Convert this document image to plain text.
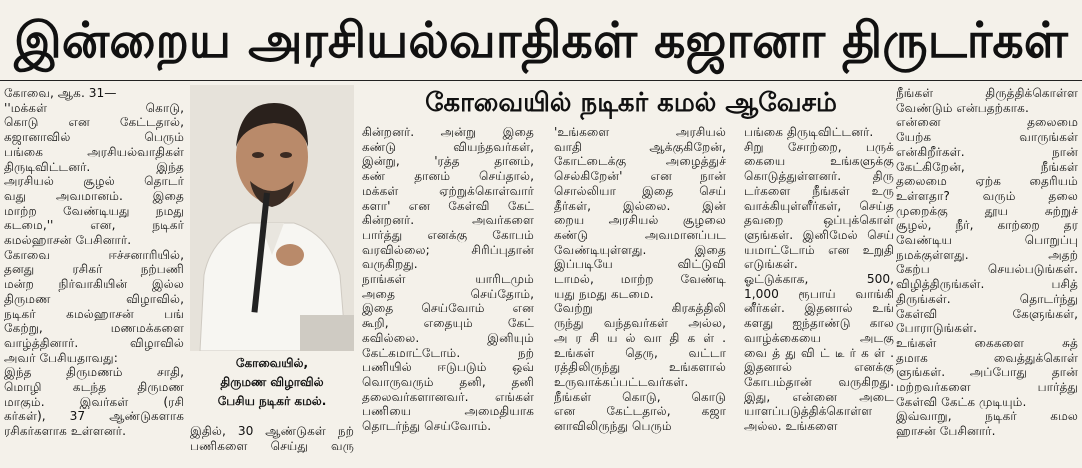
இன்றைய அரசியல்வாதிகள் கஜானா திருடர்கள்
கோவையில் நடிகர் கமல் ஆவேசம்
கோவை, ஆக. 31—
''மக்கள் கொடு,
கொடு என கேட்டதால்,
கஜானாவில் பெரும்
பங்கை அரசியல்வாதிகள்
திருடிவிட்டனர். இந்த
அரசியல் சூழல் தொடர்
வது அவமானம். இதை
மாற்ற வேண்டியது நமது
கடமை,'' என, நடிகர்
கமல்ஹாசன் பேசினார்.
கோவை ஈச்சனாரியில்,
தனது ரசிகர் நற்பணி
மன்ற நிர்வாகியின் இல்ல
திருமண விழாவில்,
நடிகர் கமல்ஹாசன் பங்
கேற்று, மணமக்களை
வாழ்த்தினார். விழாவில்
அவர் பேசியதாவது:
இந்த திருமணம் சாதி,
மொழி கடந்த திருமண
மாகும். இவர்கள் (ரசி
கர்கள்), 37 ஆண்டுகளாக
ரசிகர்களாக உள்ளனர்.
கோவையில்,
திருமண விழாவில்
பேசிய நடிகர் கமல்.
இதில், 30 ஆண்டுகள் நற்
பணிகளை செய்து வரு
கின்றனர். அன்று இதை
கண்டு வியந்தவர்கள்,
இன்று, 'ரத்த தானம்,
கண் தானம் செய்தால்,
மக்கள் ஏற்றுக்கொள்வார்
களா' என கேள்வி கேட்
கின்றனர். அவர்களை
பார்த்து எனக்கு கோபம்
வரவில்லை; சிரிப்புதான்
வருகிறது.
நாங்கள் யாரிடமும்
அதை செய்தோம்,
இதை செய்வோம் என
கூறி, எதையும் கேட்
கவில்லை. இனியும்
கேட்கமாட்டோம். நற்
பணியில் ஈடுபடும் ஒவ்
வொருவரும் தனி, தனி
தலைவர்களானவர். எங்கள்
பணியை அமைதியாக
தொடர்ந்து செய்வோம்.
'உங்களை அரசியல்
வாதி ஆக்குகிறேன்,
கோட்டைக்கு அழைத்துச்
செல்கிறேன்' என நான்
சொல்லியா இதை செய்
தீர்கள், இல்லை. இன்
றைய அரசியல் சூழலை
கண்டு அவமானப்பட
வேண்டியுள்ளது. இதை
இப்படியே விட்டுவி
டாமல், மாற்ற வேண்டி
யது நமது கடமை.
வேற்று கிரகத்திலி
ருந்து வந்தவர்கள் அல்ல,
அ ர சி ய ல் வா தி க ள் .
உங்கள் தெரு, வட்டா
ரத்திலிருந்து உங்களால்
உருவாக்கப்பட்டவர்கள்.
நீங்கள் கொடு, கொடு
என கேட்டதால், கஜா
னாவிலிருந்து பெரும்
பங்கை திருடிவிட்டனர்.
சிறு சோற்றை, பருக்
கையை உங்களுக்கு
கொடுத்துள்ளனர். திரு
டர்களை நீங்கள் உரு
வாக்கியுள்ளீர்கள், செய்த
தவறை ஒப்புக்கொள்
ளுங்கள். இனிமேல் செய்
யமாட்டோம் என உறுதி
எடுங்கள்.
ஓட்டுக்காக, 500,
1,000 ரூபாய் வாங்கி
னீர்கள். இதனால் உங்
களது ஐந்தாண்டு கால
வாழ்க்கையை அடகு
வை த் து வி ட் டீ ர் க ள் .
இதனால் எனக்கு
கோபம்தான் வருகிறது.
இது, என்னை அடை
யாளப்படுத்திக்கொள்ள
அல்ல. உங்களை
நீங்கள் திருத்திக்கொள்ள
வேண்டும் என்பதற்காக.
என்னை தலைமை
யேற்க வாருங்கள்
என்கிறீர்கள். நான்
கேட்கிறேன், நீங்கள்
தலைமை ஏற்க தைரியம்
உள்ளதா? வரும் தலை
முறைக்கு தூய சுற்றுச்
சூழல், நீர், காற்றை தர
வேண்டிய பொறுப்பு
நமக்குள்ளது. அதற்
கேற்ப செயல்படுங்கள்.
விழித்திருங்கள். பசித்
திருங்கள். தொடர்ந்து
கேள்வி கேளுங்கள்,
போராடுங்கள்.
உங்கள் கைகளை சுத்
தமாக வைத்துக்கொள்
ளுங்கள். அப்போது தான்
மற்றவர்களை பார்த்து
கேள்வி கேட்க முடியும்.
இவ்வாறு, நடிகர் கமல
ஹாசன் பேசினார்.
